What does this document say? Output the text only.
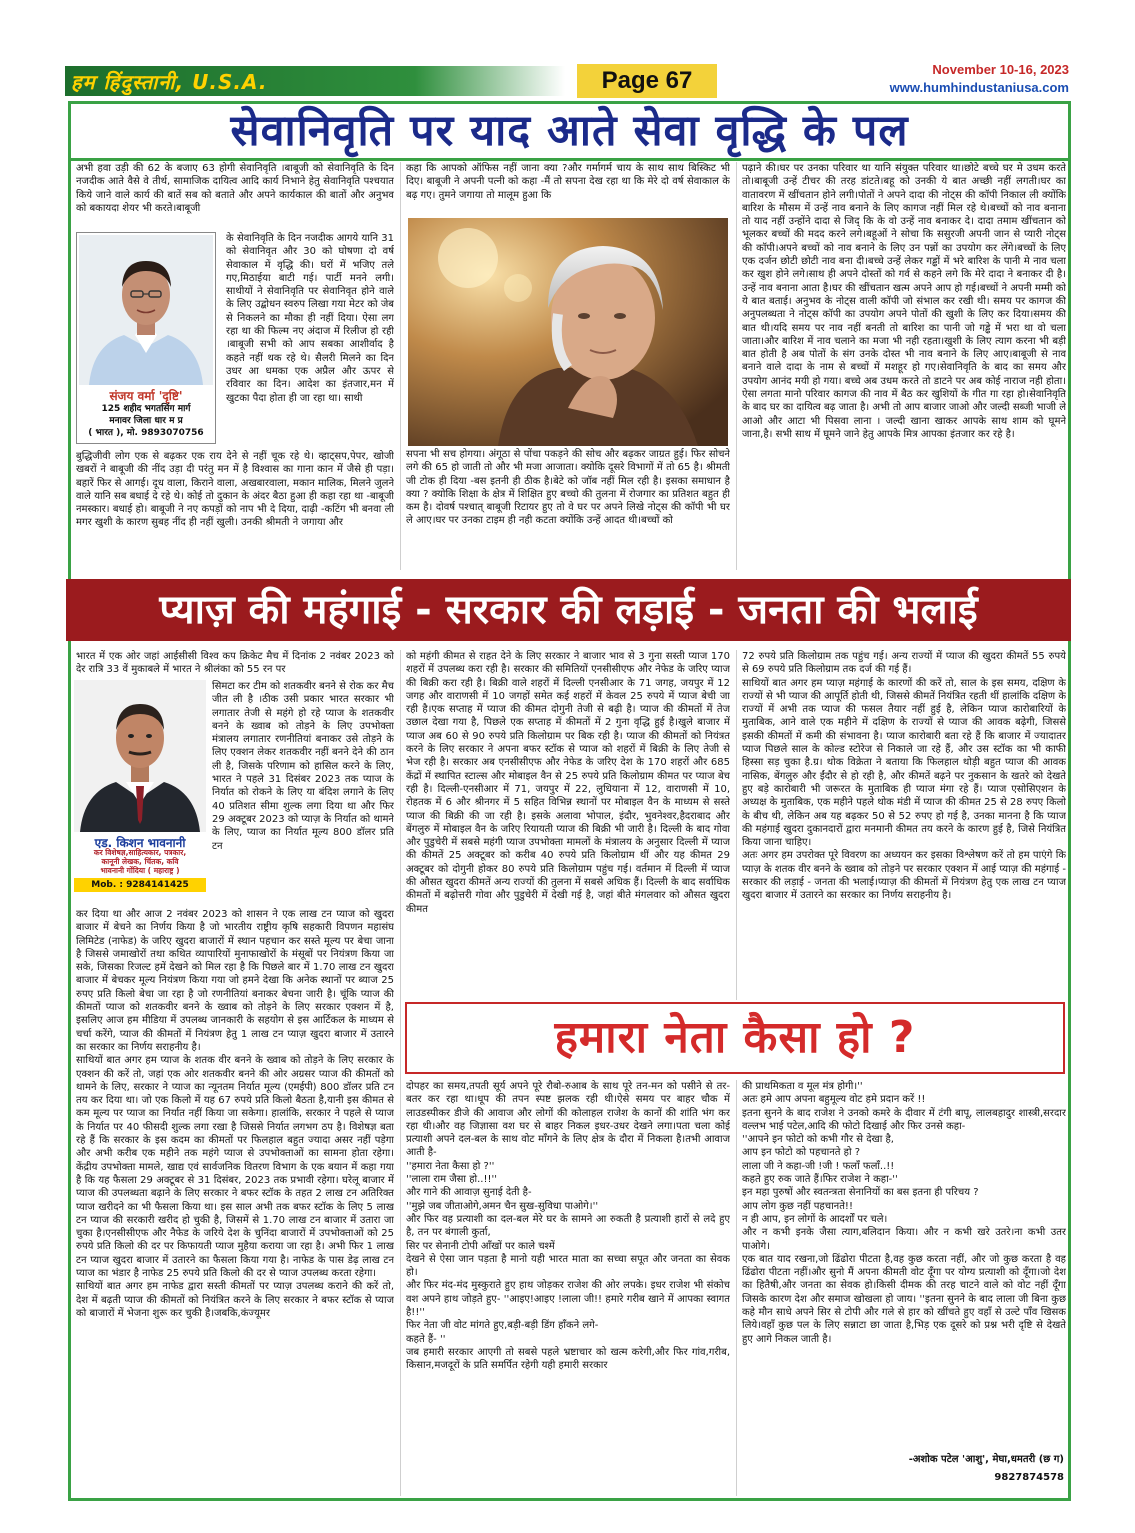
हम हिंदुस्तानी, U.S.A.	Page 67	November 10-16, 2023
www.humhindustaniusa.com
सेवानिवृति पर याद आते सेवा वृद्धि के पल
अभी हवा उड़ी की 62 के बजाए 63 होगी सेवानिवृति ।बाबूजी को सेवानिवृति के दिन नजदीक आते वैसे वे तीर्थ, सामाजिक दायित्व आदि कार्य निभाने हेतु सेवानिवृति पश्चयात किये जाने वाले कार्य की बातें सब को बताते और अपने कार्यकाल की बातों और अनुभव को बकायदा शेयर भी करते।बाबूजी
संजय वर्मा 'दृष्टि'
125 शहीद भगतसिंग मार्ग
मनावर जिला धार म प्र
( भारत ), मो. 9893070756
के सेवानिवृति के दिन नजदीक आगये यानि 31 को सेवानिवृत और 30 को घोषणा दो वर्ष सेवाकाल में वृद्धि की। घरों में भजिए तले गए,मिठाईया बाटी गई। पार्टी मनने लगी। साथीयों ने सेवानिवृति पर सेवानिवृत होने वाले के लिए उद्बोधन स्वरुप लिखा गया मेटर को जेब से निकलने का मौका ही नहीं दिया। ऐसा लग रहा था की फिल्म नए अंदाज में रिलीज हो रही ।बाबूजी सभी को आप सबका आशीर्वाद है कहते नहीं थक रहे थे। सैलरी मिलने का दिन उधर आ धमका एक अप्रैल और ऊपर से रविवार का दिन। आदेश का इंतजार,मन में खुटका पैदा होता ही जा रहा था। साथी
बुद्धिजीवी लोग एक से बढ़कर एक राय देने से नहीं चूक रहे थे। व्हाट्सप,पेपर, खोजी खबरों ने बाबूजी की नींद उड़ा दी परंतु मन में है विश्वास का गाना कान में जैसे ही पड़ा। बहारें फिर से आगई। दूध वाला, किराने वाला, अखबारवाला, मकान मालिक, मिलने जुलने वाले यानि सब बधाई दे रहे थे। कोई तो दुकान के अंदर बैठा हुआ ही कहा रहा था -बाबूजी नमस्कार। बधाई हो। बाबूजी ने नए कपड़ों को नाप भी दे दिया, दाढ़ी -कटिंग भी बनवा ली मगर खुशी के कारण सुबह नींद ही नहीं खुली। उनकी श्रीमती ने जगाया और
कहा कि आपको ऑफिस नहीं जाना क्या ?और गर्मागर्म चाय के साथ साथ बिस्किट भी दिए। बाबूजी ने अपनी पत्नी को कहा -मैं तो सपना देख रहा था कि मेरे दो वर्ष सेवाकाल के बढ़ गए। तुमने जगाया तो मालूम हुआ कि
सपना भी सच होगया। अंगूठा से पोंचा पकड़ने की सोच और बढ़कर जाग्रत हुई। फिर सोचने लगे की 65 हो जाती तो और भी मजा आजाता। क्योकि दूसरे विभागों में तो 65 है। श्रीमती जी टोक ही दिया -बस इतनी ही ठीक है।बेटे को जॉब नहीं मिल रही है। इसका समाधान है क्या ? क्योकि शिक्षा के क्षेत्र में शिक्षित हुए बच्चो की तुलना में रोजगार का प्रतिशत बहुत ही कम है। दोवर्ष पश्चात् बाबूजी रिटायर हुए तो वे घर पर अपने लिखे नोट्स की कॉपी भी घर ले आए।घर पर उनका टाइम ही नही कटता क्योंकि उन्हें आदत थी।बच्चों को
पढ़ाने की।घर पर उनका परिवार था यानि संयुक्त परिवार था।छोटे बच्चे घर मे उधम करते तो।बाबूजी उन्हें टीचर की तरह डांटते।बहू को उनकी ये बात अच्छी नहीं लगती।घर का वातावरण में खींचतान होने लगी।पोतों ने अपने दादा की नोट्स की कॉपी निकाल ली क्योंकि बारिश के मौसम में उन्हें नाव बनाने के लिए कागज नहीं मिल रहे थे।बच्चों को नाव बनाना तो याद नहीं उन्होंने दादा से जिद् कि के वो उन्हें नाव बनाकर दे। दादा तमाम खींचतान को भूलकर बच्चों की मदद करने लगे।बहूओं ने सोचा कि ससुरजी अपनी जान से प्यारी नोट्स की कॉपी।अपने बच्चों को नाव बनाने के लिए उन पन्नों का उपयोग कर लेंगे।बच्चों के लिए एक दर्जन छोटी छोटी नाव बना दी।बच्चे उन्हें लेकर गड्ढों में भरे बारिश के पानी मे नाव चला कर खुश होने लगे।साथ ही अपने दोस्तों को गर्व से कहने लगे कि मेरे दादा ने बनाकर दी है।उन्हें नाव बनाना आता है।घर की खींचतान खत्म अपने आप हो गई।बच्चों ने अपनी मम्मी को ये बात बताई। अनुभव के नोट्स वाली कॉपी जो संभाल कर रखी थी। समय पर कागज की अनुपलब्धता ने नोट्स कॉपी का उपयोग अपने पोतों की खुशी के लिए कर दिया।समय की बात थी।यदि समय पर नाव नहीं बनती तो बारिश का पानी जो गड्ढे में भरा था वो चला जाता।और बारिश में नाव चलाने का मजा भी नही रहता।खुशी के लिए त्याग करना भी बड़ी बात होती है अब पोतों के संग उनके दोस्त भी नाव बनाने के लिए आए।बाबूजी से नाव बनाने वाले दादा के नाम से बच्चों में मशहूर हो गए।सेवानिवृति के बाद का समय और उपयोग आनंद मयी हो गया। बच्चे अब उधम करते तो डाटने पर अब कोई नाराज नही होता।ऐसा लगता मानो परिवार कागज की नाव में बैठ कर खुशियों के गीत गा रहा हो।सेवानिवृति के बाद घर का दायित्व बढ़ जाता है। अभी तो आप बाजार जाओ और जल्दी सब्जी भाजी ले आओ और आटा भी पिसवा लाना । जल्दी खाना खाकर आपके साथ शाम को घूमने जाना,है। सभी साथ में घूमने जाने हेतु आपके मित्र आपका इंतजार कर रहे है।
प्याज़ की महंगाई - सरकार की लड़ाई - जनता की भलाई
भारत में एक ओर जहां आईसीसी विश्व कप क्रिकेट मैच में दिनांक 2 नवंबर 2023 को देर रात्रि 33 वें मुकाबले में भारत ने श्रीलंका को 55 रन पर
एड. किशन भावनानी
कर विशेषज्ञ,साहित्यकार, पत्रकार,
कानूनी लेखक, चिंतक, कवि
भावनानी गोंदिया ( महाराष्ट्र )
Mob. : 9284141425
सिमटा कर टीम को शतकवीर बनने से रोक कर मैच जीत ली है ।ठीक उसी प्रकार भारत सरकार भी लगातार तेजी से महंगे हो रहे प्याज के शतकवीर बनने के ख्वाब को तोड़ने के लिए उपभोक्ता मंत्रालय लगातार रणनीतियां बनाकर उसे तोड़ने के लिए एक्शन लेकर शतकवीर नहीं बनने देने की ठान ली है, जिसके परिणाम को हासिल करने के लिए, भारत ने पहले 31 दिसंबर 2023 तक प्याज के निर्यात को रोकने के लिए या बंदिश लगाने के लिए 40 प्रतिशत सीमा शुल्क लगा दिया था और फिर 29 अक्टूबर 2023 को प्याज़ के निर्यात को थामने के लिए, प्याज का निर्यात मूल्य 800 डॉलर प्रति टन
कर दिया था और आज 2 नवंबर 2023 को शासन ने एक लाख टन प्याज को खुदरा बाजार में बेचने का निर्णय किया है जो भारतीय राष्ट्रीय कृषि सहकारी विपणन महासंघ लिमिटेड (नाफेड) के जरिए खुदरा बाजारों में स्थान पहचान कर सस्ते मूल्य पर बेचा जाना है जिससे जमाखोरों तथा कथित व्यापारियों मुनाफाखोरों के मंसूबों पर नियंत्रण किया जा सके, जिसका रिजल्ट हमें देखने को मिल रहा है कि पिछले बार में 1.70 लाख टन खुदरा बाजार में बेचकर मूल्य नियंत्रण किया गया जो हमने देखा कि अनेक स्थानों पर ब्याज 25 रुपए प्रति किलो बेचा जा रहा है जो रणनीतियां बनाकर बेचना जारी है। चूंकि प्याज की कीमतों प्याज को शतकवीर बनने के ख्वाब को तोड़ने के लिए सरकार एक्शन में है, इसलिए आज हम मीडिया में उपलब्ध जानकारी के सहयोग से इस आर्टिकल के माध्यम से चर्चा करेंगे, प्याज की कीमतों में नियंत्रण हेतु 1 लाख टन प्याज़ खुदरा बाजार में उतारने का सरकार का निर्णय सराहनीय है।
साथियों बात अगर हम प्याज के शतक वीर बनने के ख्वाब को तोड़ने के लिए सरकार के एक्शन की करें तो, जहां एक ओर शतकवीर बनने की ओर अग्रसर प्याज की कीमतों को थामने के लिए, सरकार ने प्याज का न्यूनतम निर्यात मूल्य (एमईपी) 800 डॉलर प्रति टन तय कर दिया था। जो एक किलो में यह 67 रुपये प्रति किलो बैठता है,यानी इस कीमत से कम मूल्य पर प्याज का निर्यात नहीं किया जा सकेगा। हालांकि, सरकार ने पहले से प्याज के निर्यात पर 40 फीसदी शुल्क लगा रखा है जिससे निर्यात लगभग ठप है। विशेषज्ञ बता रहे हैं कि सरकार के इस कदम का कीमतों पर फिलहाल बहुत ज्यादा असर नहीं पड़ेगा और अभी करीब एक महीने तक महंगे प्याज से उपभोक्ताओं का सामना होता रहेगा। केंद्रीय उपभोक्ता मामले, खाद्य एवं सार्वजनिक वितरण विभाग के एक बयान में कहा गया है कि यह फैसला 29 अक्टूबर से 31 दिसंबर, 2023 तक प्रभावी रहेगा। घरेलू बाजार में प्याज की उपलब्धता बढ़ाने के लिए सरकार ने बफर स्टॉक के तहत 2 लाख टन अतिरिक्त प्याज खरीदने का भी फैसला किया था। इस साल अभी तक बफर स्टॉक के लिए 5 लाख टन प्याज की सरकारी खरीद हो चुकी है, जिसमें से 1.70 लाख टन बाजार में उतारा जा चुका है।एनसीसीएफ और नैफेड के जरिये देश के चुनिंदा बाजारों में उपभोक्ताओं को 25 रुपये प्रति किलो की दर पर किफायती प्याज मुहैया कराया जा रहा है। अभी फिर 1 लाख टन प्याज खुदरा बाजार में उतारने का फैसला किया गया है। नाफेड के पास डेढ़ लाख टन प्याज का भंडार है नाफेड 25 रुपये प्रति किलो की दर से प्याज उपलब्ध करता रहेगा।
साथियों बात अगर हम नाफेड द्वारा सस्ती कीमतों पर प्याज़ उपलब्ध कराने की करें तो, देश में बढ़ती प्याज की कीमतों को नियंत्रित करने के लिए सरकार ने बफर स्टॉक से प्याज को बाजारों में भेजना शुरू कर चुकी है।जबकि,कंज्यूमर
को महंगी कीमत से राहत देने के लिए सरकार ने बाजार भाव से 3 गुना सस्ती प्याज 170 शहरों में उपलब्ध करा रही है। सरकार की समितियों एनसीसीएफ और नेफेड के जरिए प्याज की बिक्री करा रही है। बिक्री वाले शहरों में दिल्ली एनसीआर के 71 जगह, जयपुर में 12 जगह और वाराणसी में 10 जगहों समेत कई शहरों में केवल 25 रुपये में प्याज बेची जा रही है।एक सप्ताह में प्याज की कीमत दोगुनी तेजी से बढ़ी है। प्याज की कीमतों में तेज उछाल देखा गया है, पिछले एक सप्ताह में कीमतों में 2 गुना वृद्धि हुई है।खुले बाजार में प्याज अब 60 से 90 रुपये प्रति किलोग्राम पर बिक रही है। प्याज की कीमतों को नियंत्रत करने के लिए सरकार ने अपना बफर स्टॉक से प्याज को शहरों में बिक्री के लिए तेजी से भेज रही है। सरकार अब एनसीसीएफ और नेफेड के जरिए देश के 170 शहरों और 685 केंद्रों में स्थापित स्टाल्स और मोबाइल वैन से 25 रुपये प्रति किलोग्राम कीमत पर प्याज बेच रही है। दिल्ली-एनसीआर में 71, जयपुर में 22, लुधियाना में 12, वाराणसी में 10, रोहतक में 6 और श्रीनगर में 5 सहित विभिन्न स्थानों पर मोबाइल वैन के माध्यम से सस्ते प्याज की बिक्री की जा रही है। इसके अलावा भोपाल, इंदौर, भुवनेश्वर,हैदराबाद और बेंगलुरु में मोबाइल वैन के जरिए रियायती प्याज की बिक्री भी जारी है। दिल्ली के बाद गोवा और पुडुचेरी में सबसे महंगी प्याज उपभोक्ता मामलों के मंत्रालय के अनुसार दिल्ली में प्याज की कीमतें 25 अक्टूबर को करीब 40 रुपये प्रति किलोग्राम थीं और यह कीमत 29 अक्टूबर को दोगुनी होकर 80 रुपये प्रति किलोग्राम पहुंच गई। वर्तमान में दिल्ली में प्याज की औसत खुदरा कीमतें अन्य राज्यों की तुलना में सबसे अधिक हैं। दिल्ली के बाद सर्वाधिक कीमतों में बढ़ोत्तरी गोवा और पुडुचेरी में देखी गई है, जहां बीते मंगलवार को औसत खुदरा कीमत
72 रुपये प्रति किलोग्राम तक पहुंच गई। अन्य राज्यों में प्याज की खुदरा कीमतें 55 रुपये से 69 रुपये प्रति किलोग्राम तक दर्ज की गई हैं।
साथियों बात अगर हम प्याज़ महंगाई के कारणों की करें तो, साल के इस समय, दक्षिण के राज्यों से भी प्याज की आपूर्ति होती थी, जिससे कीमतें नियंत्रित रहती थीं हालांकि दक्षिण के राज्यों में अभी तक प्याज की फसल तैयार नहीं हुई है, लेकिन प्याज कारोबारियों के मुताबिक, आने वाले एक महीने में दक्षिण के राज्यों से प्याज की आवक बढ़ेगी, जिससे इसकी कीमतों में कमी की संभावना है। प्याज कारोबारी बता रहे हैं कि बाजार में ज्यादातर प्याज पिछले साल के कोल्ड स्टोरेज से निकाले जा रहे हैं, और उस स्टॉक का भी काफी हिस्सा सड़ चुका है.ग्र। थोक विक्रेता ने बताया कि फिलहाल थोड़ी बहुत प्याज की आवक नासिक, बेंगलुरु और ईंदौर से हो रही है, और कीमतें बढ़ने पर नुकसान के खतरे को देखते हुए बड़े कारोबारी भी जरूरत के मुताबिक ही प्याज मंगा रहे हैं। प्याज एसोसिएशन के अध्यक्ष के मुताबिक, एक महीने पहले थोक मंडी में प्याज की कीमत 25 से 28 रुपए किलो के बीच थी, लेकिन अब यह बढ़कर 50 से 52 रुपए हो गई है, उनका मानना है कि प्याज की महंगाई खुदरा दुकानदारों द्वारा मनमानी कीमत तय करने के कारण हुई है, जिसे नियंत्रित किया जाना चाहिए।
अतः अगर हम उपरोक्त पूरे विवरण का अध्ययन कर इसका विश्लेषण करें तो हम पाएंगे कि प्याज़ के शतक वीर बनने के ख्वाब को तोड़ने पर सरकार एक्शन में आई प्याज़ की महंगाई - सरकार की लड़ाई - जनता की भलाई।प्याज़ की कीमतों में नियंत्रण हेतु एक लाख टन प्याज खुदरा बाजार में उतारने का सरकार का निर्णय सराहनीय है।
हमारा नेता कैसा हो ?
दोपहर का समय,तपती सूर्य अपने पूरे रौबो-रुआब के साथ पूरे तन-मन को पसीने से तर-बतर कर रहा था।धूप की तपन स्पष्ट झलक रही थी।ऐसे समय पर बाहर चौक में लाउडस्पीकर डीजे की आवाज और लोगों की कोलाहल राजेश के कानों की शांति भंग कर रहा थी।और वह जिज्ञासा वश घर से बाहर निकल इधर-उधर देखने लगा।पता चला कोई प्रत्याशी अपने दल-बल के साथ वोट माँगने के लिए क्षेत्र के दौरा में निकला है।तभी आवाज आती है-
''हमारा नेता कैसा हो ?''
''लाला राम जैसा हो..!!''
और गाने की आवाज़ सुनाई देती है-
''मुझे जब जीताओगे,अमन चैन सुख-सुविधा पाओगे।''
और फिर वह प्रत्याशी का दल-बल मेरे घर के सामने आ रुकती है प्रत्याशी हारों से लदे हुए है, तन पर बंगाली कुर्ता,
सिर पर सेनानी टोपी आँखों पर काले चश्में
देखने से ऐसा जान पड़ता है मानो यही भारत माता का सच्चा सपूत और जनता का सेवक हो।
और फिर मंद-मंद मुस्कुराते हुए हाथ जोड़कर राजेश की ओर लपके। इधर राजेश भी संकोच वश अपने हाथ जोड़ते हुए- ''आइए!आइए !लाला जी!! हमारे गरीब खाने में आपका स्वागत है!!''
फिर नेता जी वोट मांगते हुए,बड़ी-बड़ी डिंग हाँकने लगे-
कहते हैं- ''
जब हमारी सरकार आएगी तो सबसे पहले भ्रष्टाचार को खत्म करेगी,और फिर गांव,गरीब, किसान,मजदूरों के प्रति समर्पित रहेगी यही हमारी सरकार
की प्राथमिकता व मूल मंत्र होगी।''
अतः हमे आप अपना बहुमूल्य वोट हमे प्रदान करें !!
इतना सुनने के बाद राजेश ने उनको कमरे के दीवार में टंगी बापू, लालबहादुर शास्त्री,सरदार वल्लभ भाई पटेल,आदि की फोटो दिखाई और फिर उनसे कहा-
''आपने इन फोटो को कभी गौर से देखा है,
आप इन फोटो को पहचानते हो ?
लाला जी ने कहा-जी !जी ! फलाँ फलाँ..!!
कहते हुए रुक जाते हैं।फिर राजेश ने कहा-''
इन महा पुरुषों और स्वतन्त्रता सेनानियों का बस इतना ही परिचय ?
आप लोग कुछ नहीं पहचानते!!
न ही आप, इन लोगों के आदर्शों पर चले।
और न कभी इनके जैसा त्याग,बलिदान किया। और न कभी खरे उतरे।ना कभी उतर पाओगे।
एक बात याद रखना,जो ढिंढोरा पीटता है,वह कुछ करता नहीं, और जो कुछ करता है वह ढिंढोरा पीटता नहीं।और सुनो मैं अपना कीमती वोट दूँगा पर योग्य प्रत्याशी को दूँगा।जो देश का हितैषी,और जनता का सेवक हो।किसी दीमक की तरह चाटने वाले को वोट नहीं दूँगा जिसके कारण देश और समाज खोखला हो जाय। ''इतना सुनने के बाद लाला जी बिना कुछ कहे मौन साधे अपने सिर से टोपी और गले से हार को खींचते हुए वहाँ से उल्टे पाँव खिसक लिये।वहाँ कुछ पल के लिए सन्नाटा छा जाता है,भिड़ एक दूसरे को प्रश्न भरी दृष्टि से देखते हुए आगे निकल जाती है।
-अशोक पटेल 'आशु', मेघा,धमतरी (छ ग)
9827874578
